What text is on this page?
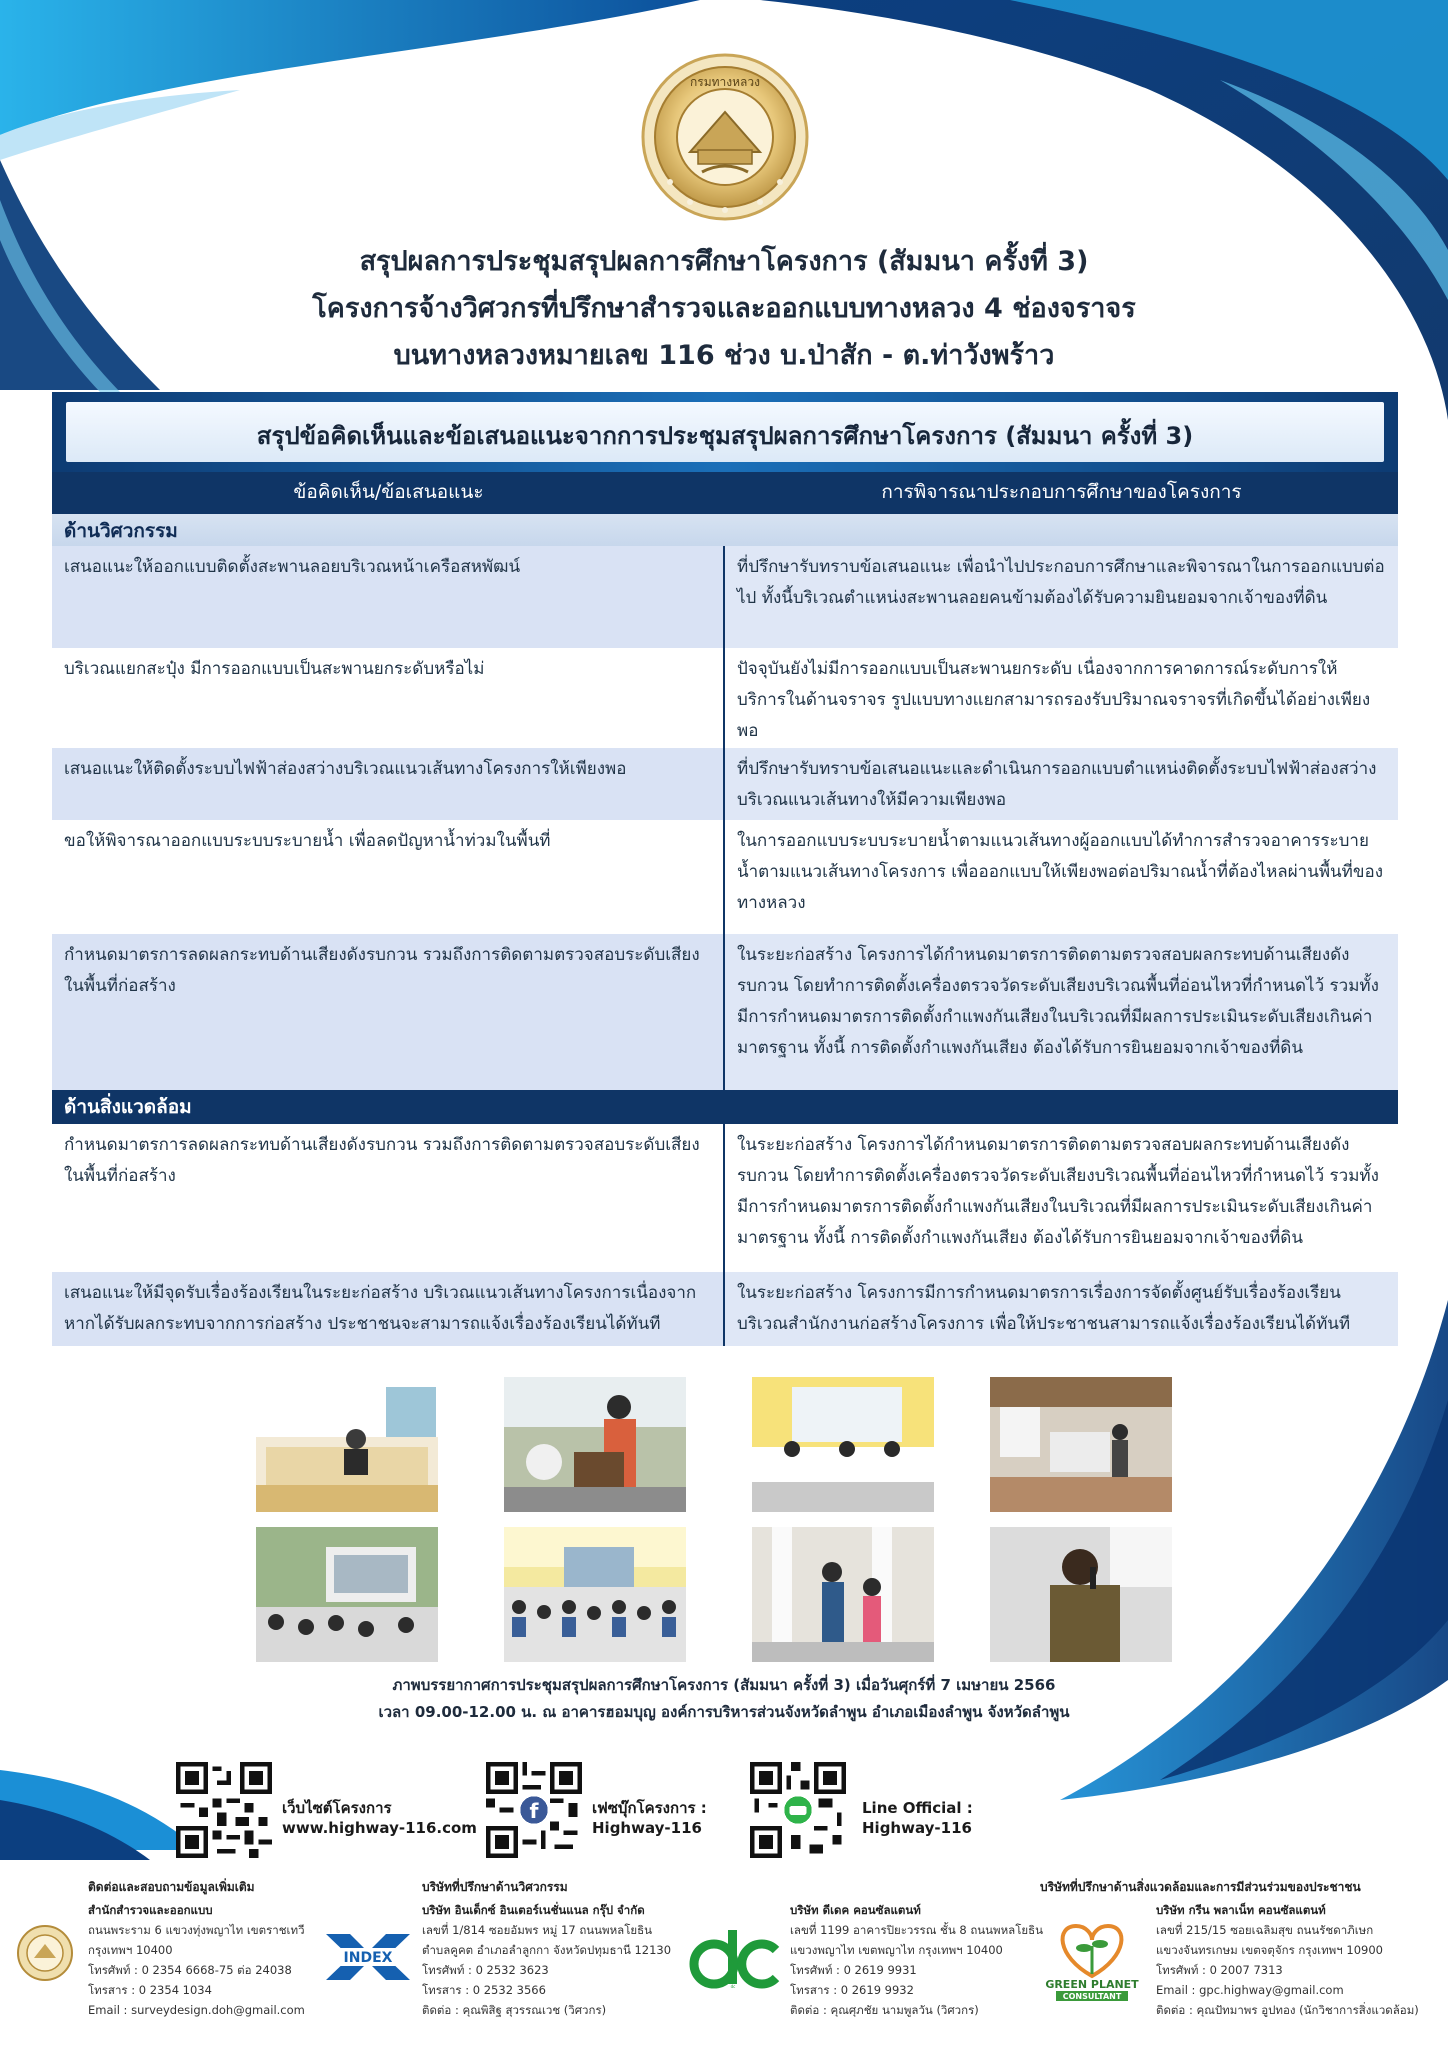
กรมทางหลวง
สรุปผลการประชุมสรุปผลการศึกษาโครงการ (สัมมนา ครั้งที่ 3)
โครงการจ้างวิศวกรที่ปรึกษาสำรวจและออกแบบทางหลวง 4 ช่องจราจร
บนทางหลวงหมายเลข 116 ช่วง บ.ป่าสัก - ต.ท่าวังพร้าว
สรุปข้อคิดเห็นและข้อเสนอแนะจากการประชุมสรุปผลการศึกษาโครงการ (สัมมนา ครั้งที่ 3)
ข้อคิดเห็น/ข้อเสนอแนะ	การพิจารณาประกอบการศึกษาของโครงการ
ด้านวิศวกรรม
เสนอแนะให้ออกแบบติดตั้งสะพานลอยบริเวณหน้าเครือสหพัฒน์	ที่ปรึกษารับทราบข้อเสนอแนะ เพื่อนำไปประกอบการศึกษาและพิจารณาในการออกแบบต่อไป ทั้งนี้บริเวณตำแหน่งสะพานลอยคนข้ามต้องได้รับความยินยอมจากเจ้าของที่ดิน
บริเวณแยกสะปุ๋ง มีการออกแบบเป็นสะพานยกระดับหรือไม่	ปัจจุบันยังไม่มีการออกแบบเป็นสะพานยกระดับ เนื่องจากการคาดการณ์ระดับการให้บริการในด้านจราจร รูปแบบทางแยกสามารถรองรับปริมาณจราจรที่เกิดขึ้นได้อย่างเพียงพอ
เสนอแนะให้ติดตั้งระบบไฟฟ้าส่องสว่างบริเวณแนวเส้นทางโครงการให้เพียงพอ	ที่ปรึกษารับทราบข้อเสนอแนะและดำเนินการออกแบบตำแหน่งติดตั้งระบบไฟฟ้าส่องสว่างบริเวณแนวเส้นทางให้มีความเพียงพอ
ขอให้พิจารณาออกแบบระบบระบายน้ำ เพื่อลดปัญหาน้ำท่วมในพื้นที่	ในการออกแบบระบบระบายน้ำตามแนวเส้นทางผู้ออกแบบได้ทำการสำรวจอาคารระบายน้ำตามแนวเส้นทางโครงการ เพื่อออกแบบให้เพียงพอต่อปริมาณน้ำที่ต้องไหลผ่านพื้นที่ของทางหลวง
กำหนดมาตรการลดผลกระทบด้านเสียงดังรบกวน รวมถึงการติดตามตรวจสอบระดับเสียงในพื้นที่ก่อสร้าง
ในระยะก่อสร้าง โครงการได้กำหนดมาตรการติดตามตรวจสอบผลกระทบด้านเสียงดังรบกวน โดยทำการติดตั้งเครื่องตรวจวัดระดับเสียงบริเวณพื้นที่อ่อนไหวที่กำหนดไว้ รวมทั้งมีการกำหนดมาตรการติดตั้งกำแพงกันเสียงในบริเวณที่มีผลการประเมินระดับเสียงเกินค่ามาตรฐาน ทั้งนี้ การติดตั้งกำแพงกันเสียง ต้องได้รับการยินยอมจากเจ้าของที่ดิน
ด้านสิ่งแวดล้อม
กำหนดมาตรการลดผลกระทบด้านเสียงดังรบกวน รวมถึงการติดตามตรวจสอบระดับเสียงในพื้นที่ก่อสร้าง
ในระยะก่อสร้าง โครงการได้กำหนดมาตรการติดตามตรวจสอบผลกระทบด้านเสียงดังรบกวน โดยทำการติดตั้งเครื่องตรวจวัดระดับเสียงบริเวณพื้นที่อ่อนไหวที่กำหนดไว้ รวมทั้งมีการกำหนดมาตรการติดตั้งกำแพงกันเสียงในบริเวณที่มีผลการประเมินระดับเสียงเกินค่ามาตรฐาน ทั้งนี้ การติดตั้งกำแพงกันเสียง ต้องได้รับการยินยอมจากเจ้าของที่ดิน
เสนอแนะให้มีจุดรับเรื่องร้องเรียนในระยะก่อสร้าง บริเวณแนวเส้นทางโครงการเนื่องจากหากได้รับผลกระทบจากการก่อสร้าง ประชาชนจะสามารถแจ้งเรื่องร้องเรียนได้ทันที
ในระยะก่อสร้าง โครงการมีการกำหนดมาตรการเรื่องการจัดตั้งศูนย์รับเรื่องร้องเรียนบริเวณสำนักงานก่อสร้างโครงการ เพื่อให้ประชาชนสามารถแจ้งเรื่องร้องเรียนได้ทันที
ภาพบรรยากาศการประชุมสรุปผลการศึกษาโครงการ (สัมมนา ครั้งที่ 3) เมื่อวันศุกร์ที่ 7 เมษายน 2566
เวลา 09.00-12.00 น. ณ อาคารฮอมบุญ องค์การบริหารส่วนจังหวัดลำพูน อำเภอเมืองลำพูน จังหวัดลำพูน
เว็บไซต์โครงการ
www.highway-116.com
f	เฟซบุ๊กโครงการ :
Highway-116
Line Official :
Highway-116
ติดต่อและสอบถามข้อมูลเพิ่มเติม	บริษัทที่ปรึกษาด้านวิศวกรรม	บริษัทที่ปรึกษาด้านสิ่งแวดล้อมและการมีส่วนร่วมของประชาชน
สำนักสำรวจและออกแบบ
ถนนพระราม 6 แขวงทุ่งพญาไท เขตราชเทวี
กรุงเทพฯ 10400
โทรศัพท์ : 0 2354 6668-75 ต่อ 24038
โทรสาร : 0 2354 1034
Email : surveydesign.doh@gmail.com
INDEX
บริษัท อินเด็กซ์ อินเตอร์เนชั่นแนล กรุ๊ป จำกัด
เลขที่ 1/814 ซอยอัมพร หมู่ 17 ถนนพหลโยธิน
ตำบลคูคต อำเภอลำลูกกา จังหวัดปทุมธานี 12130
โทรศัพท์ : 0 2532 3623
โทรสาร : 0 2532 3566
ติดต่อ : คุณพิสิฐ สุวรรณเวช (วิศวกร)
dc
บริษัท ดีเดค คอนซัลแตนท์
เลขที่ 1199 อาคารปิยะวรรณ ชั้น 8 ถนนพหลโยธิน
แขวงพญาไท เขตพญาไท กรุงเทพฯ 10400
โทรศัพท์ : 0 2619 9931
โทรสาร : 0 2619 9932
ติดต่อ : คุณศุภชัย นามพูลวัน (วิศวกร)
GREEN PLANET
CONSULTANT
บริษัท กรีน พลาเน็ท คอนซัลแตนท์
เลขที่ 215/15 ซอยเฉลิมสุข ถนนรัชดาภิเษก
แขวงจันทรเกษม เขตจตุจักร กรุงเทพฯ 10900
โทรศัพท์ : 0 2007 7313
Email : gpc.highway@gmail.com
ติดต่อ : คุณปัทมาพร อูปทอง (นักวิชาการสิ่งแวดล้อม)
